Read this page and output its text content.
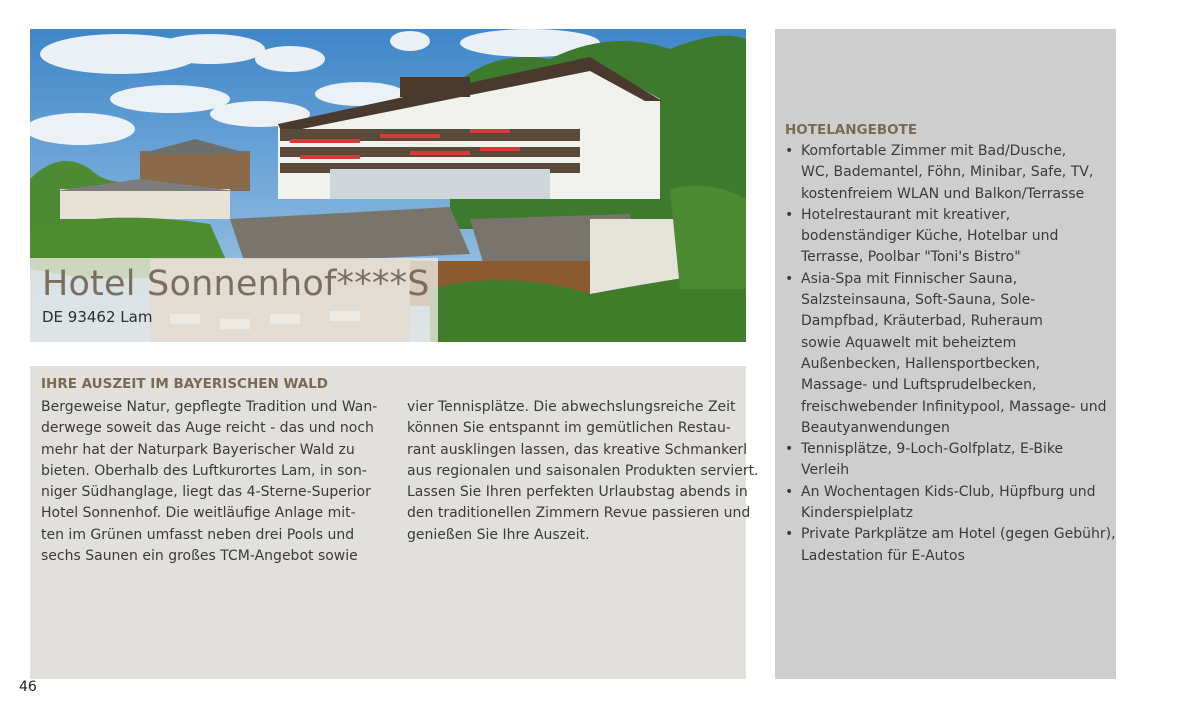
Hotel Sonnenhof****S
DE 93462 Lam
IHRE AUSZEIT IM BAYERISCHEN WALD
Bergeweise Natur, gepflegte Tradition und Wan-
derwege soweit das Auge reicht - das und noch
mehr hat der Naturpark Bayerischer Wald zu
bieten. Oberhalb des Luftkurortes Lam, in son-
niger Südhanglage, liegt das 4-Sterne-Superior
Hotel Sonnenhof. Die weitläufige Anlage mit-
ten im Grünen umfasst neben drei Pools und
sechs Saunen ein großes TCM-Angebot sowie
vier Tennisplätze. Die abwechslungsreiche Zeit
können Sie entspannt im gemütlichen Restau-
rant ausklingen lassen, das kreative Schmankerl
aus regionalen und saisonalen Produkten serviert.
Lassen Sie Ihren perfekten Urlaubstag abends in
den traditionellen Zimmern Revue passieren und
genießen Sie Ihre Auszeit.
HOTELANGEBOTE
• Komfortable Zimmer mit Bad/Dusche,
WC, Bademantel, Föhn, Minibar, Safe, TV,
kostenfreiem WLAN und Balkon/Terrasse
• Hotelrestaurant mit kreativer,
bodenständiger Küche, Hotelbar und
Terrasse, Poolbar "Toni's Bistro"
• Asia-Spa mit Finnischer Sauna,
Salzsteinsauna, Soft-Sauna, Sole-
Dampfbad, Kräuterbad, Ruheraum
sowie Aquawelt mit beheiztem
Außenbecken, Hallensportbecken,
Massage- und Luftsprudelbecken,
freischwebender Infinitypool, Massage- und
Beautyanwendungen
• Tennisplätze, 9-Loch-Golfplatz, E-Bike
Verleih
• An Wochentagen Kids-Club, Hüpfburg und
Kinderspielplatz
• Private Parkplätze am Hotel (gegen Gebühr),
Ladestation für E-Autos
46
